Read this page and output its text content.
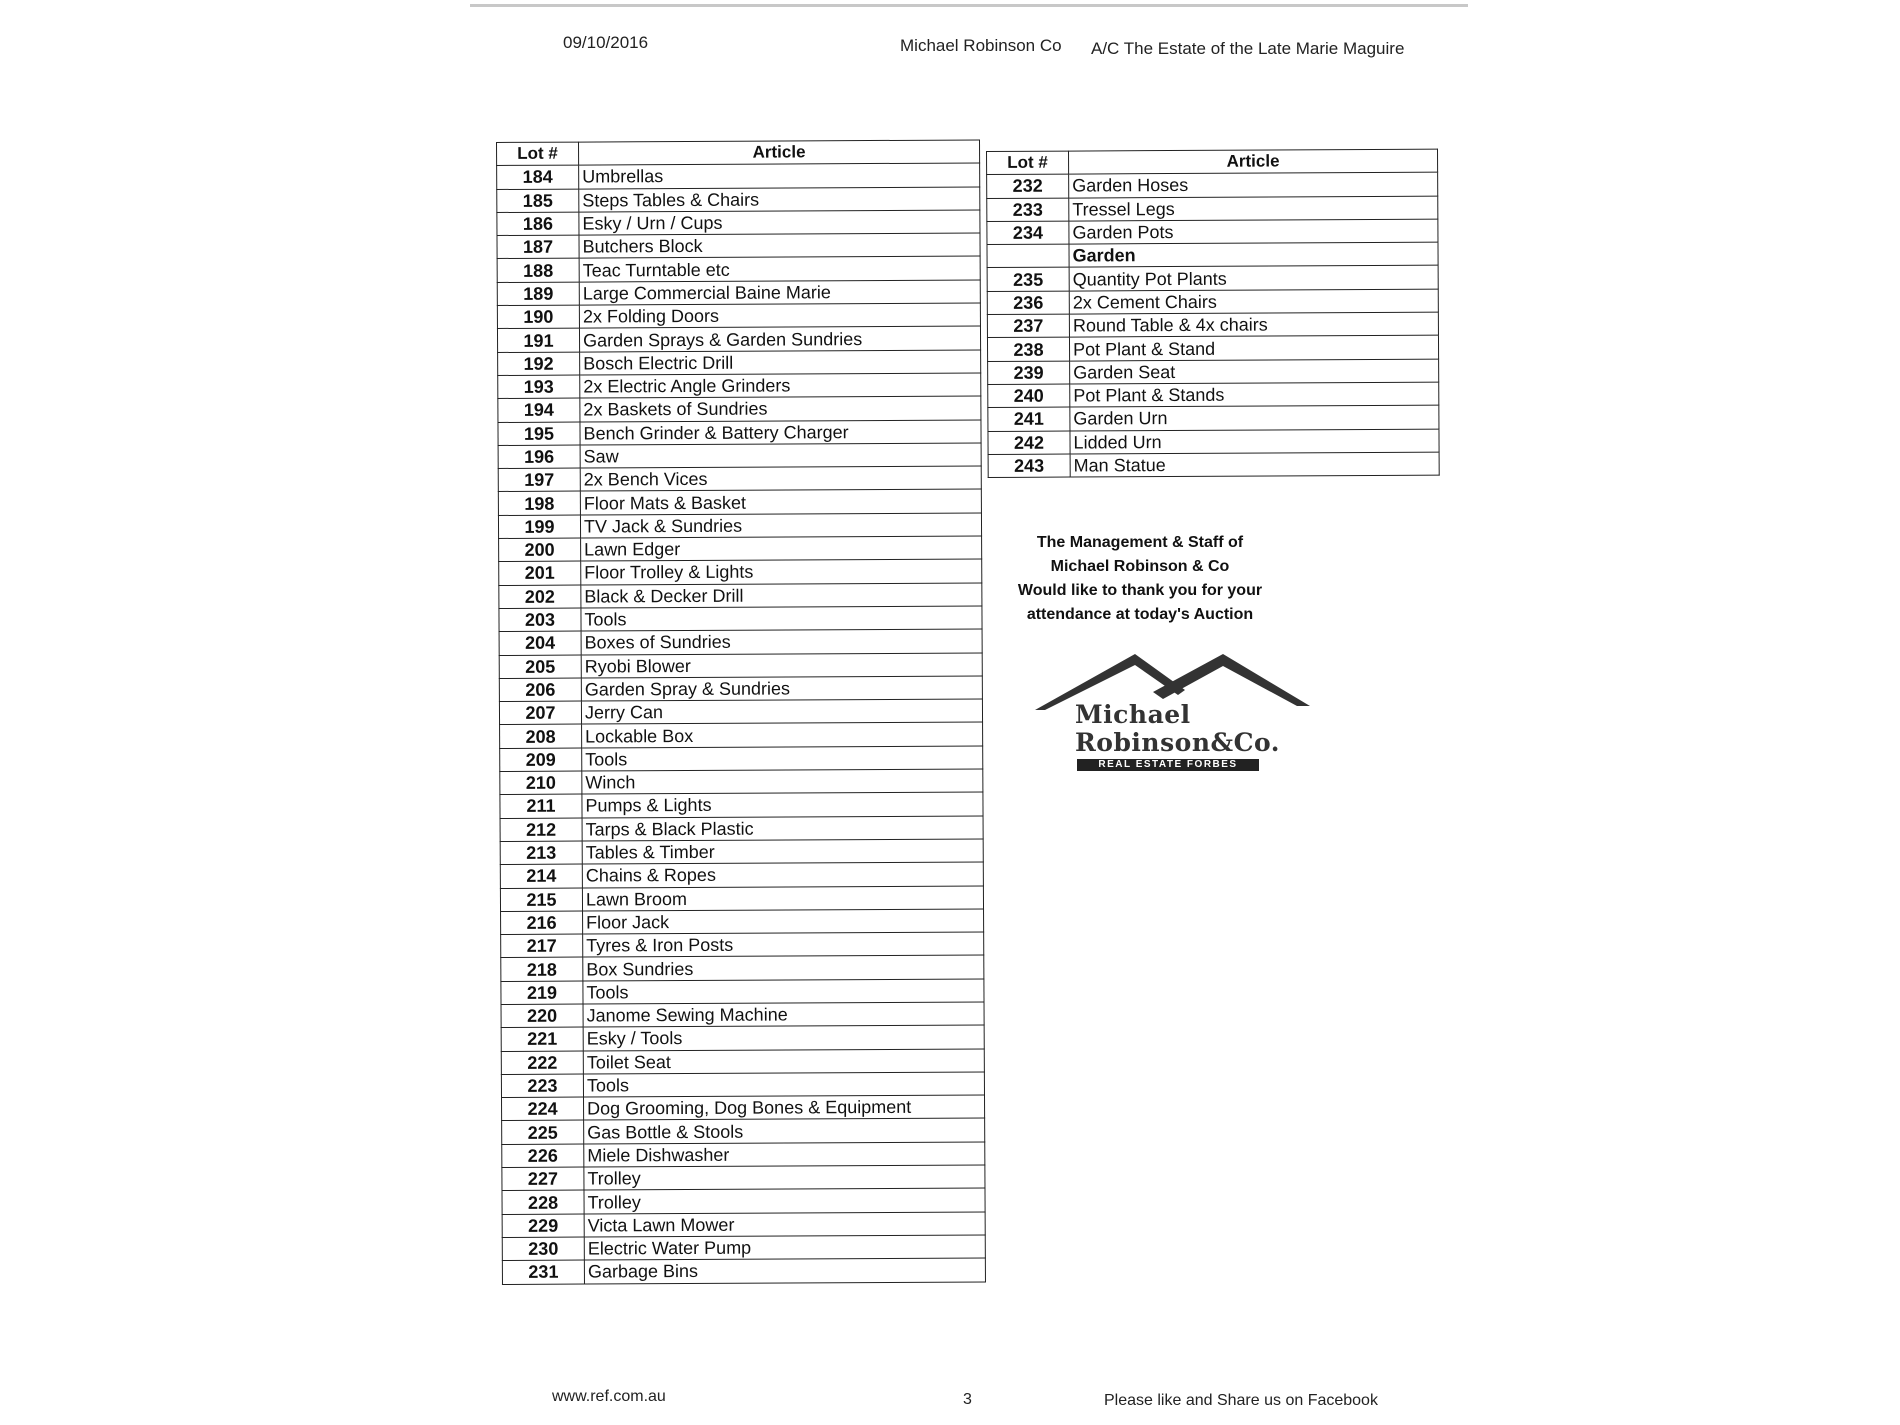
09/10/2016	Michael Robinson Co A/C The Estate of the Late Marie Maguire
Lot #	Article
184	Umbrellas
185	Steps Tables & Chairs
186	Esky / Urn / Cups
187	Butchers Block
188	Teac Turntable etc
189	Large Commercial Baine Marie
190	2x Folding Doors
191	Garden Sprays & Garden Sundries
192	Bosch Electric Drill
193	2x Electric Angle Grinders
194	2x Baskets of Sundries
195	Bench Grinder & Battery Charger
196	Saw
197	2x Bench Vices
198	Floor Mats & Basket
199	TV Jack & Sundries
200	Lawn Edger
201	Floor Trolley & Lights
202	Black & Decker Drill
203	Tools
204	Boxes of Sundries
205	Ryobi Blower
206	Garden Spray & Sundries
207	Jerry Can
208	Lockable Box
209	Tools
210	Winch
211	Pumps & Lights
212	Tarps & Black Plastic
213	Tables & Timber
214	Chains & Ropes
215	Lawn Broom
216	Floor Jack
217	Tyres & Iron Posts
218	Box Sundries
219	Tools
220	Janome Sewing Machine
221	Esky / Tools
222	Toilet Seat
223	Tools
224	Dog Grooming, Dog Bones & Equipment
225	Gas Bottle & Stools
226	Miele Dishwasher
227	Trolley
228	Trolley
229	Victa Lawn Mower
230	Electric Water Pump
231	Garbage Bins
Lot #	Article
232	Garden Hoses
233	Tressel Legs
234	Garden Pots
	Garden
235	Quantity Pot Plants
236	2x Cement Chairs
237	Round Table & 4x chairs
238	Pot Plant & Stand
239	Garden Seat
240	Pot Plant & Stands
241	Garden Urn
242	Lidded Urn
243	Man Statue
The Management & Staff of
Michael Robinson & Co
Would like to thank you for your
attendance at today's Auction
Michael
Robinson&Co.
REAL ESTATE FORBES
www.ref.com.au	3	Please like and Share us on Facebook
